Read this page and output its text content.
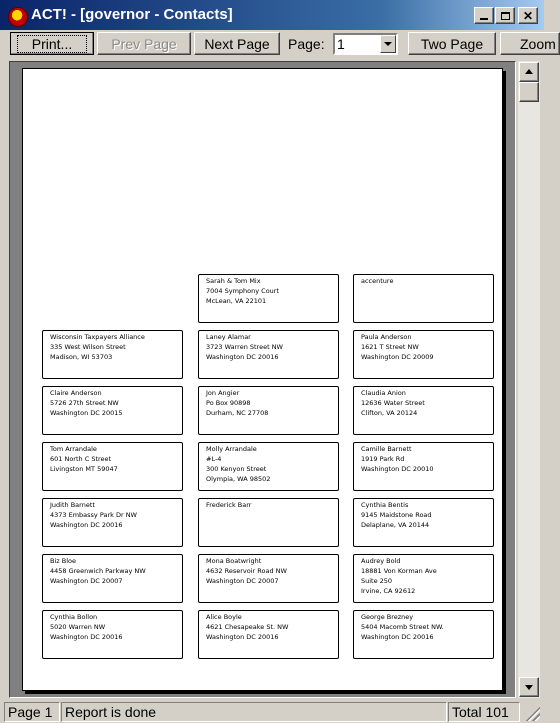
ACT! - [governor - Contacts]	✕
Print...	Prev Page Next Page Page: 1	Two Page	Zoom
Sarah & Tom Mix
7004 Symphony Court
McLean, VA 22101
accenture
Wisconsin Taxpayers Alliance
335 West Wilson Street
Madison, WI 53703
Laney Alamar
3723 Warren Street NW
Washington DC 20016
Paula Anderson
1621 T Street NW
Washington DC 20009
Claire Anderson
5726 27th Street NW
Washington DC 20015
Jon Angier
Po Box 90898
Durham, NC 27708
Claudia Anion
12636 Water Street
Clifton, VA 20124
Tom Arrandale
601 North C Street
Livingston MT 59047
Molly Arrandale
#L-4
300 Kenyon Street
Olympia, WA 98502
Camille Barnett
1919 Park Rd
Washington DC 20010
Judith Barnett
4373 Embassy Park Dr NW
Washington DC 20016
Frederick Barr	Cynthia Bentis
9145 Maidstone Road
Delaplane, VA 20144
Biz Bloe
4458 Greenwich Parkway NW
Washington DC 20007
Mona Boatwright
4632 Reservoir Road NW
Washington DC 20007
Audrey Bold
18881 Von Korman Ave
Suite 250
Irvine, CA 92612
Cynthia Bollon
5020 Warren NW
Washington DC 20016
Alice Boyle
4621 Chesapeake St. NW
Washington DC 20016
George Brezney
5404 Macomb Street NW.
Washington DC 20016
Page 1 Report is done	Total 101
